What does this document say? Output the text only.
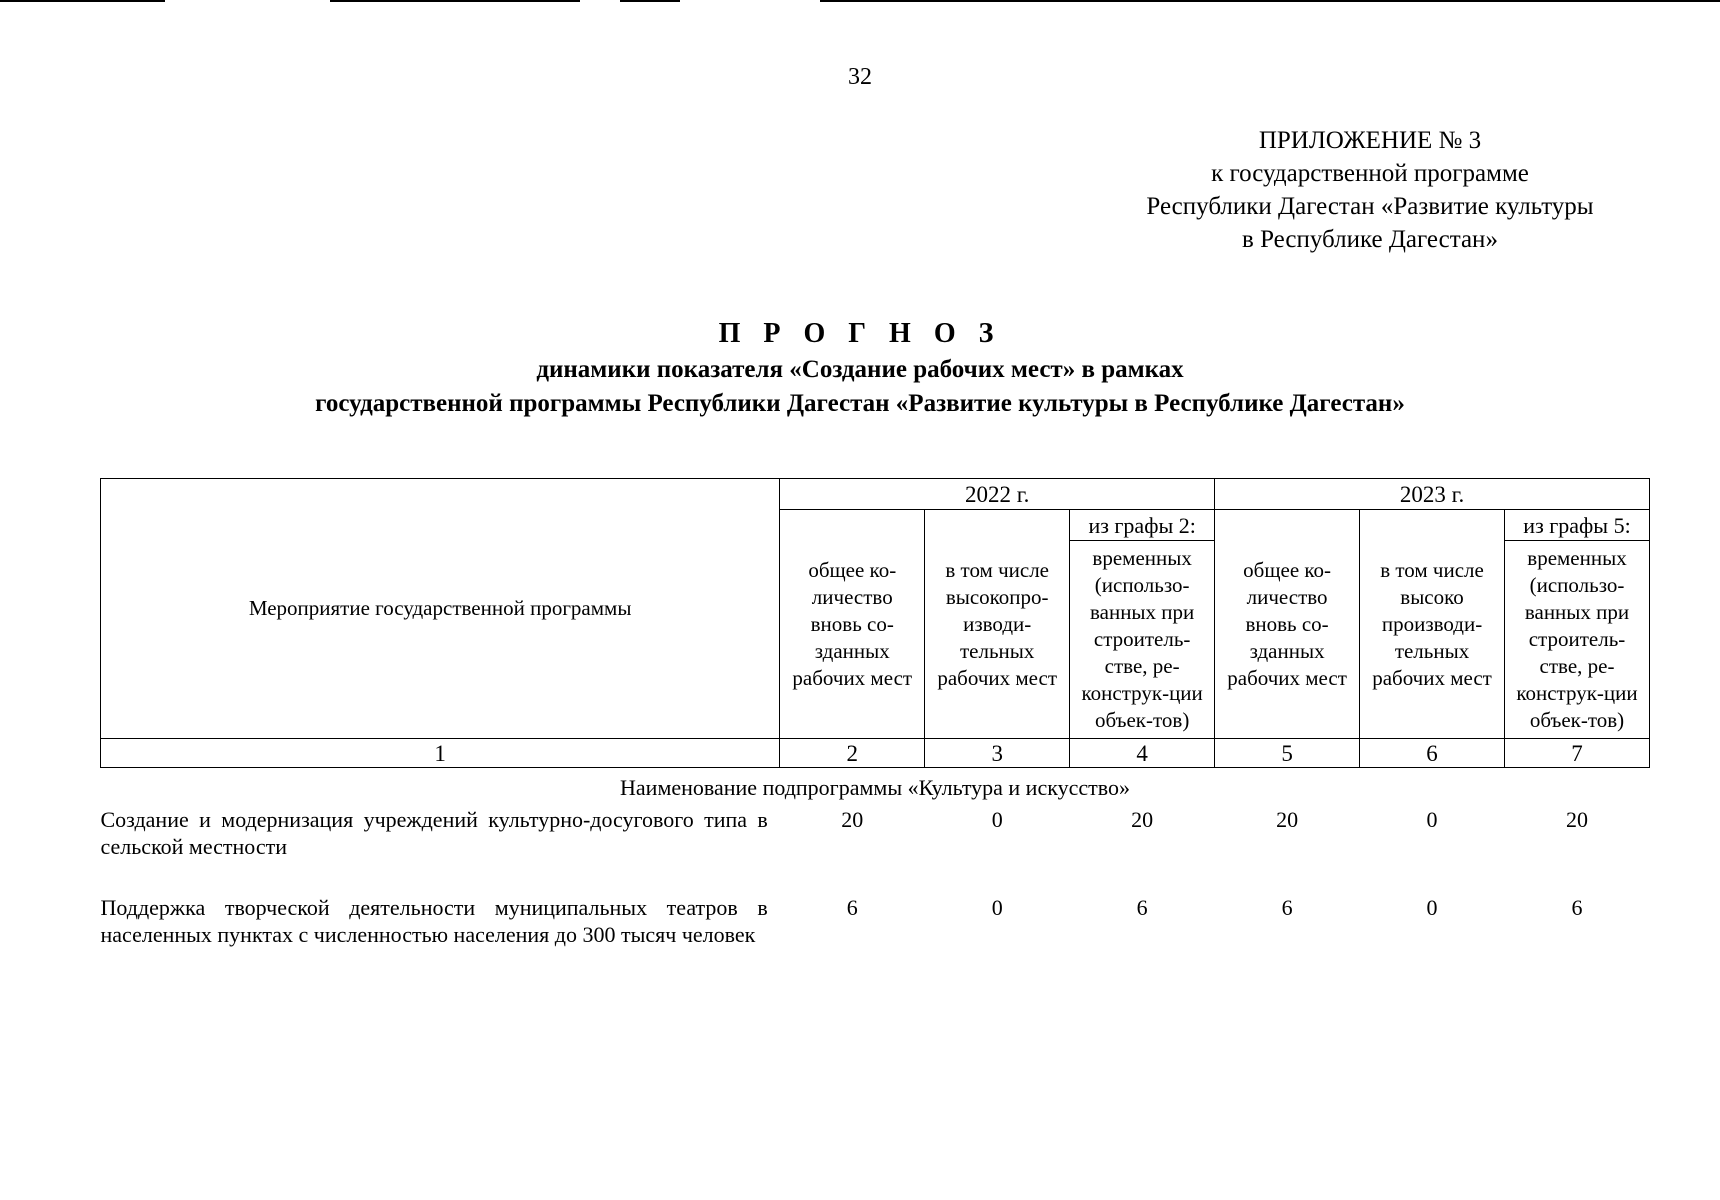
32
ПРИЛОЖЕНИЕ № 3
к государственной программе
Республики Дагестан «Развитие культуры
в Республике Дагестан»
П Р О Г Н О З
динамики показателя «Создание рабочих мест» в рамках
государственной программы Республики Дагестан «Развитие культуры в Республике Дагестан»
Мероприятие государственной программы	2022 г.			2023 г.		
	общее ко-личество вновь со-зданных рабочих мест	в том числе высокопро-изводи-тельных рабочих мест	из графы 2:	общее ко-личество вновь со-зданных рабочих мест	в том числе высоко производи-тельных рабочих мест	из графы 5:
			временных (использо-ванных при строитель-стве, ре-конструк-ции объек-тов)			временных (использо-ванных при строитель-стве, ре-конструк-ции объек-тов)
1	2	3	4	5	6	7
Наименование подпрограммы «Культура и искусство»						
Создание и модернизация учреждений культурно-досугового типа в сельской местности	20	0	20	20	0	20
Поддержка творческой деятельности муниципальных театров в населенных пунктах с численностью населения до 300 тысяч человек	6	0	6	6	0	6
